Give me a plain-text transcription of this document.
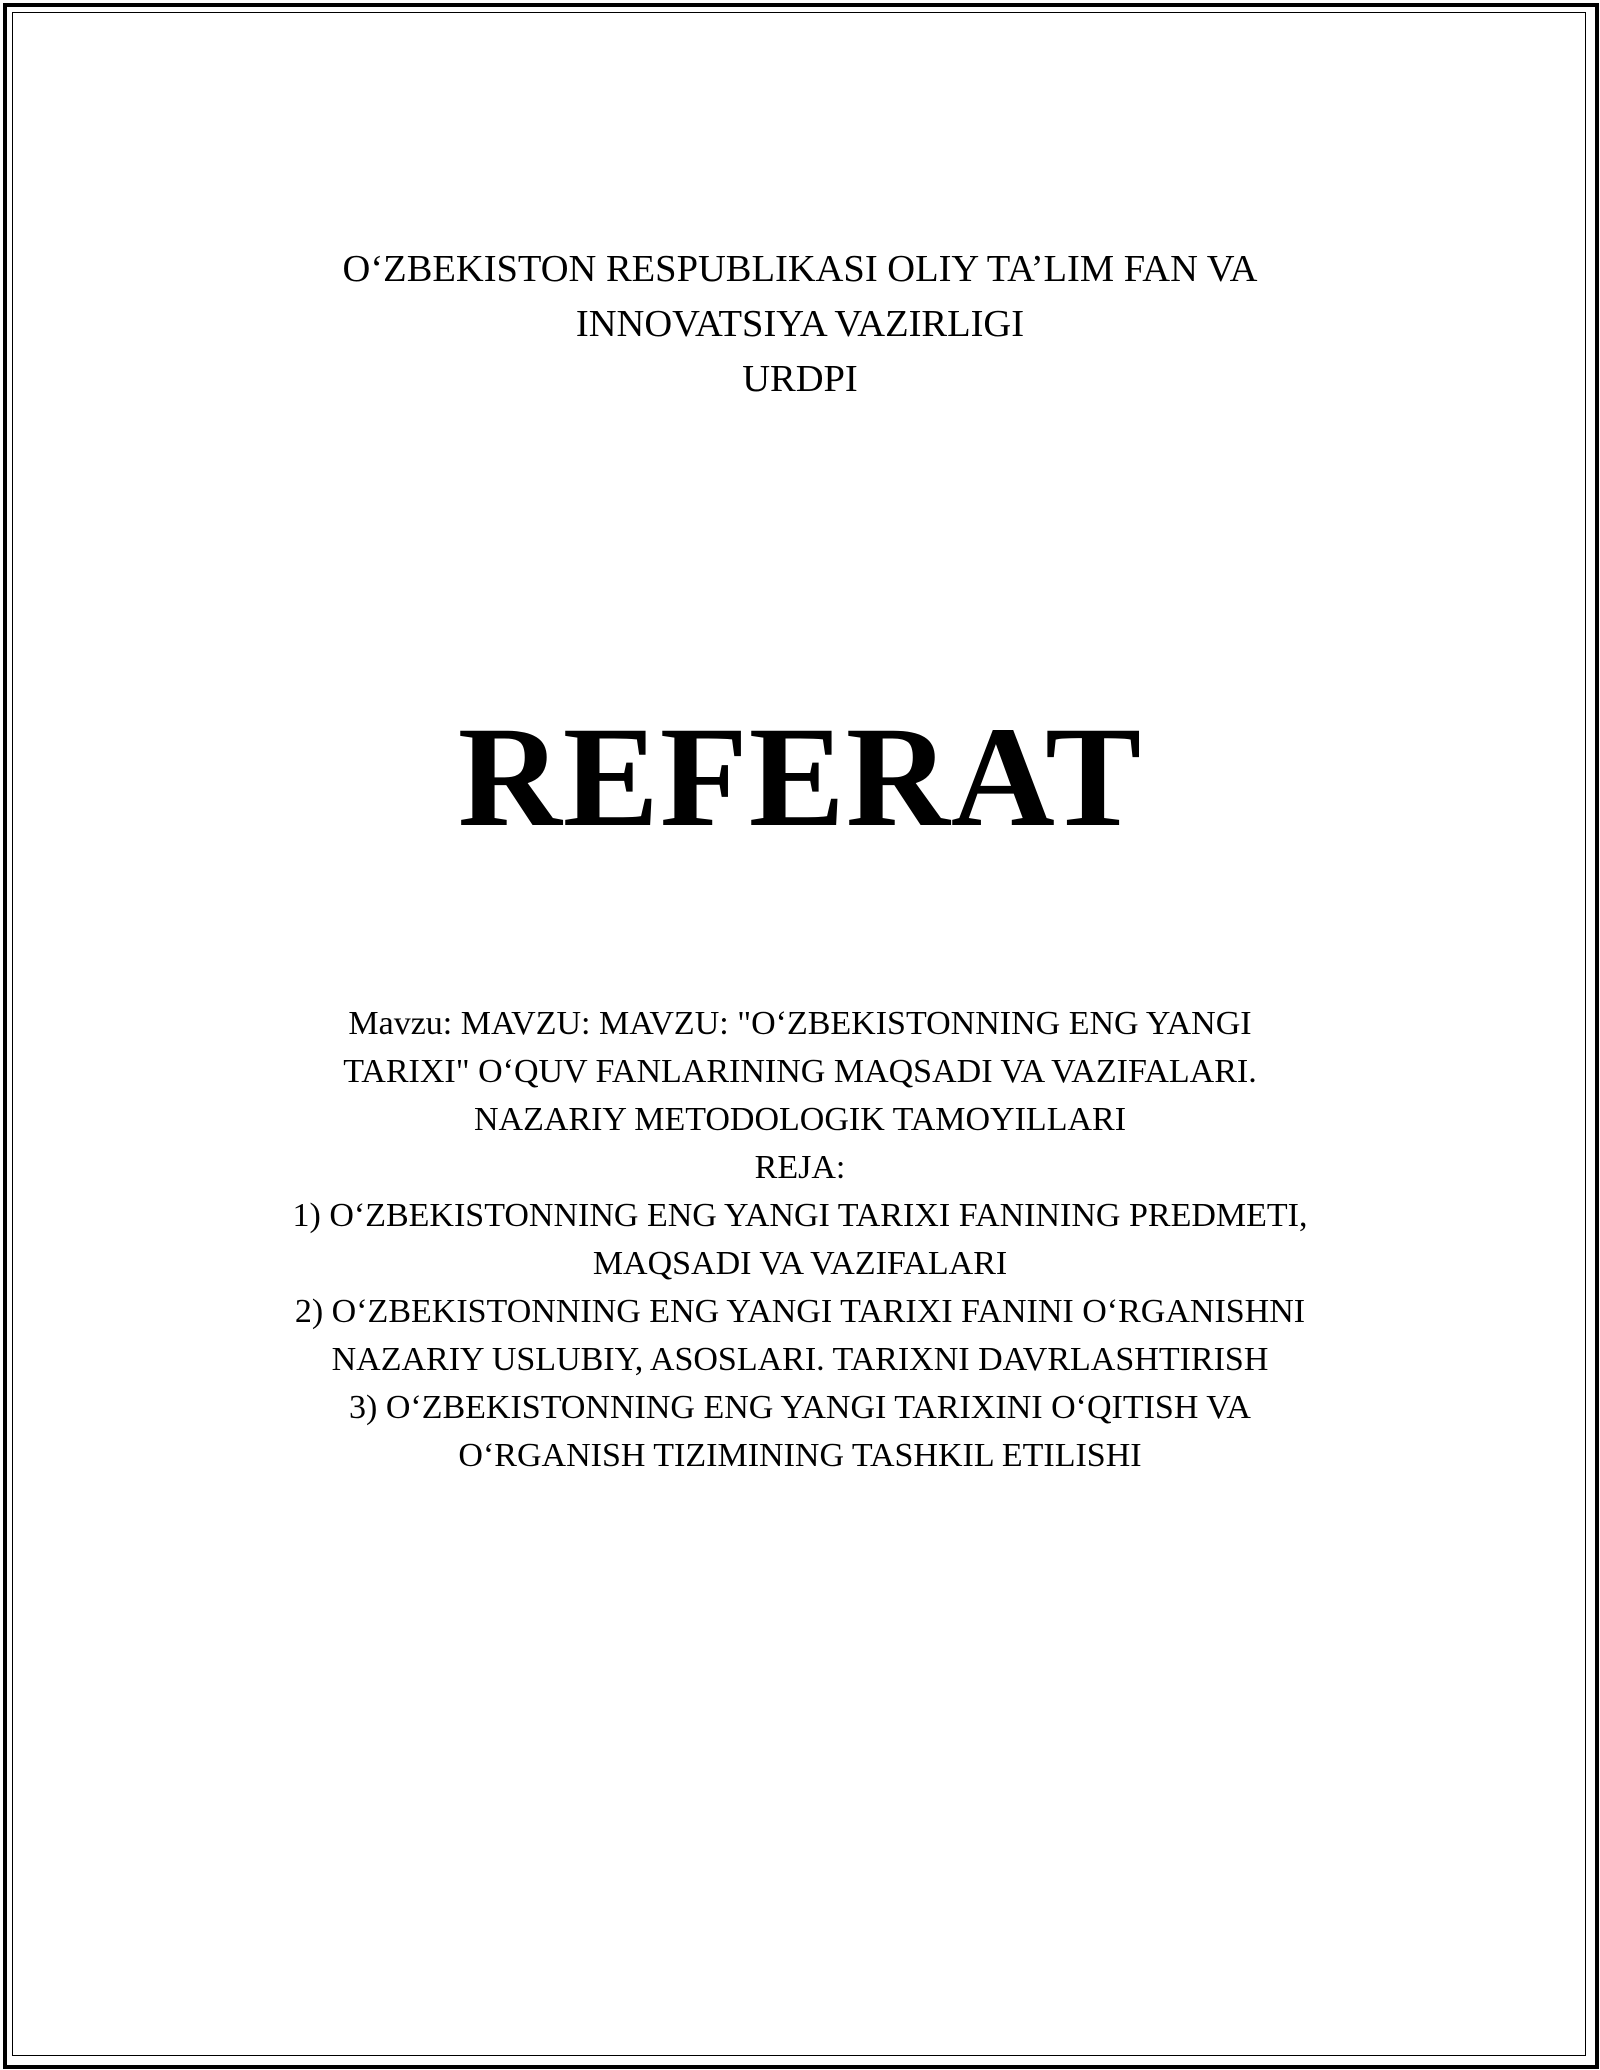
O‘ZBEKISTON RESPUBLIKASI OLIY TA’LIM FAN VA
INNOVATSIYA VAZIRLIGI
URDPI
REFERAT
Mavzu: MAVZU: MAVZU: "O‘ZBEKISTONNING ENG YANGI
TARIXI" O‘QUV FANLARINING MAQSADI VA VAZIFALARI.
NAZARIY METODOLOGIK TAMOYILLARI
REJA:
1) O‘ZBEKISTONNING ENG YANGI TARIXI FANINING PREDMETI,
MAQSADI VA VAZIFALARI
2) O‘ZBEKISTONNING ENG YANGI TARIXI FANINI O‘RGANISHNI
NAZARIY USLUBIY, ASOSLARI. TARIXNI DAVRLASHTIRISH
3) O‘ZBEKISTONNING ENG YANGI TARIXINI O‘QITISH VA
O‘RGANISH TIZIMINING TASHKIL ETILISHI
